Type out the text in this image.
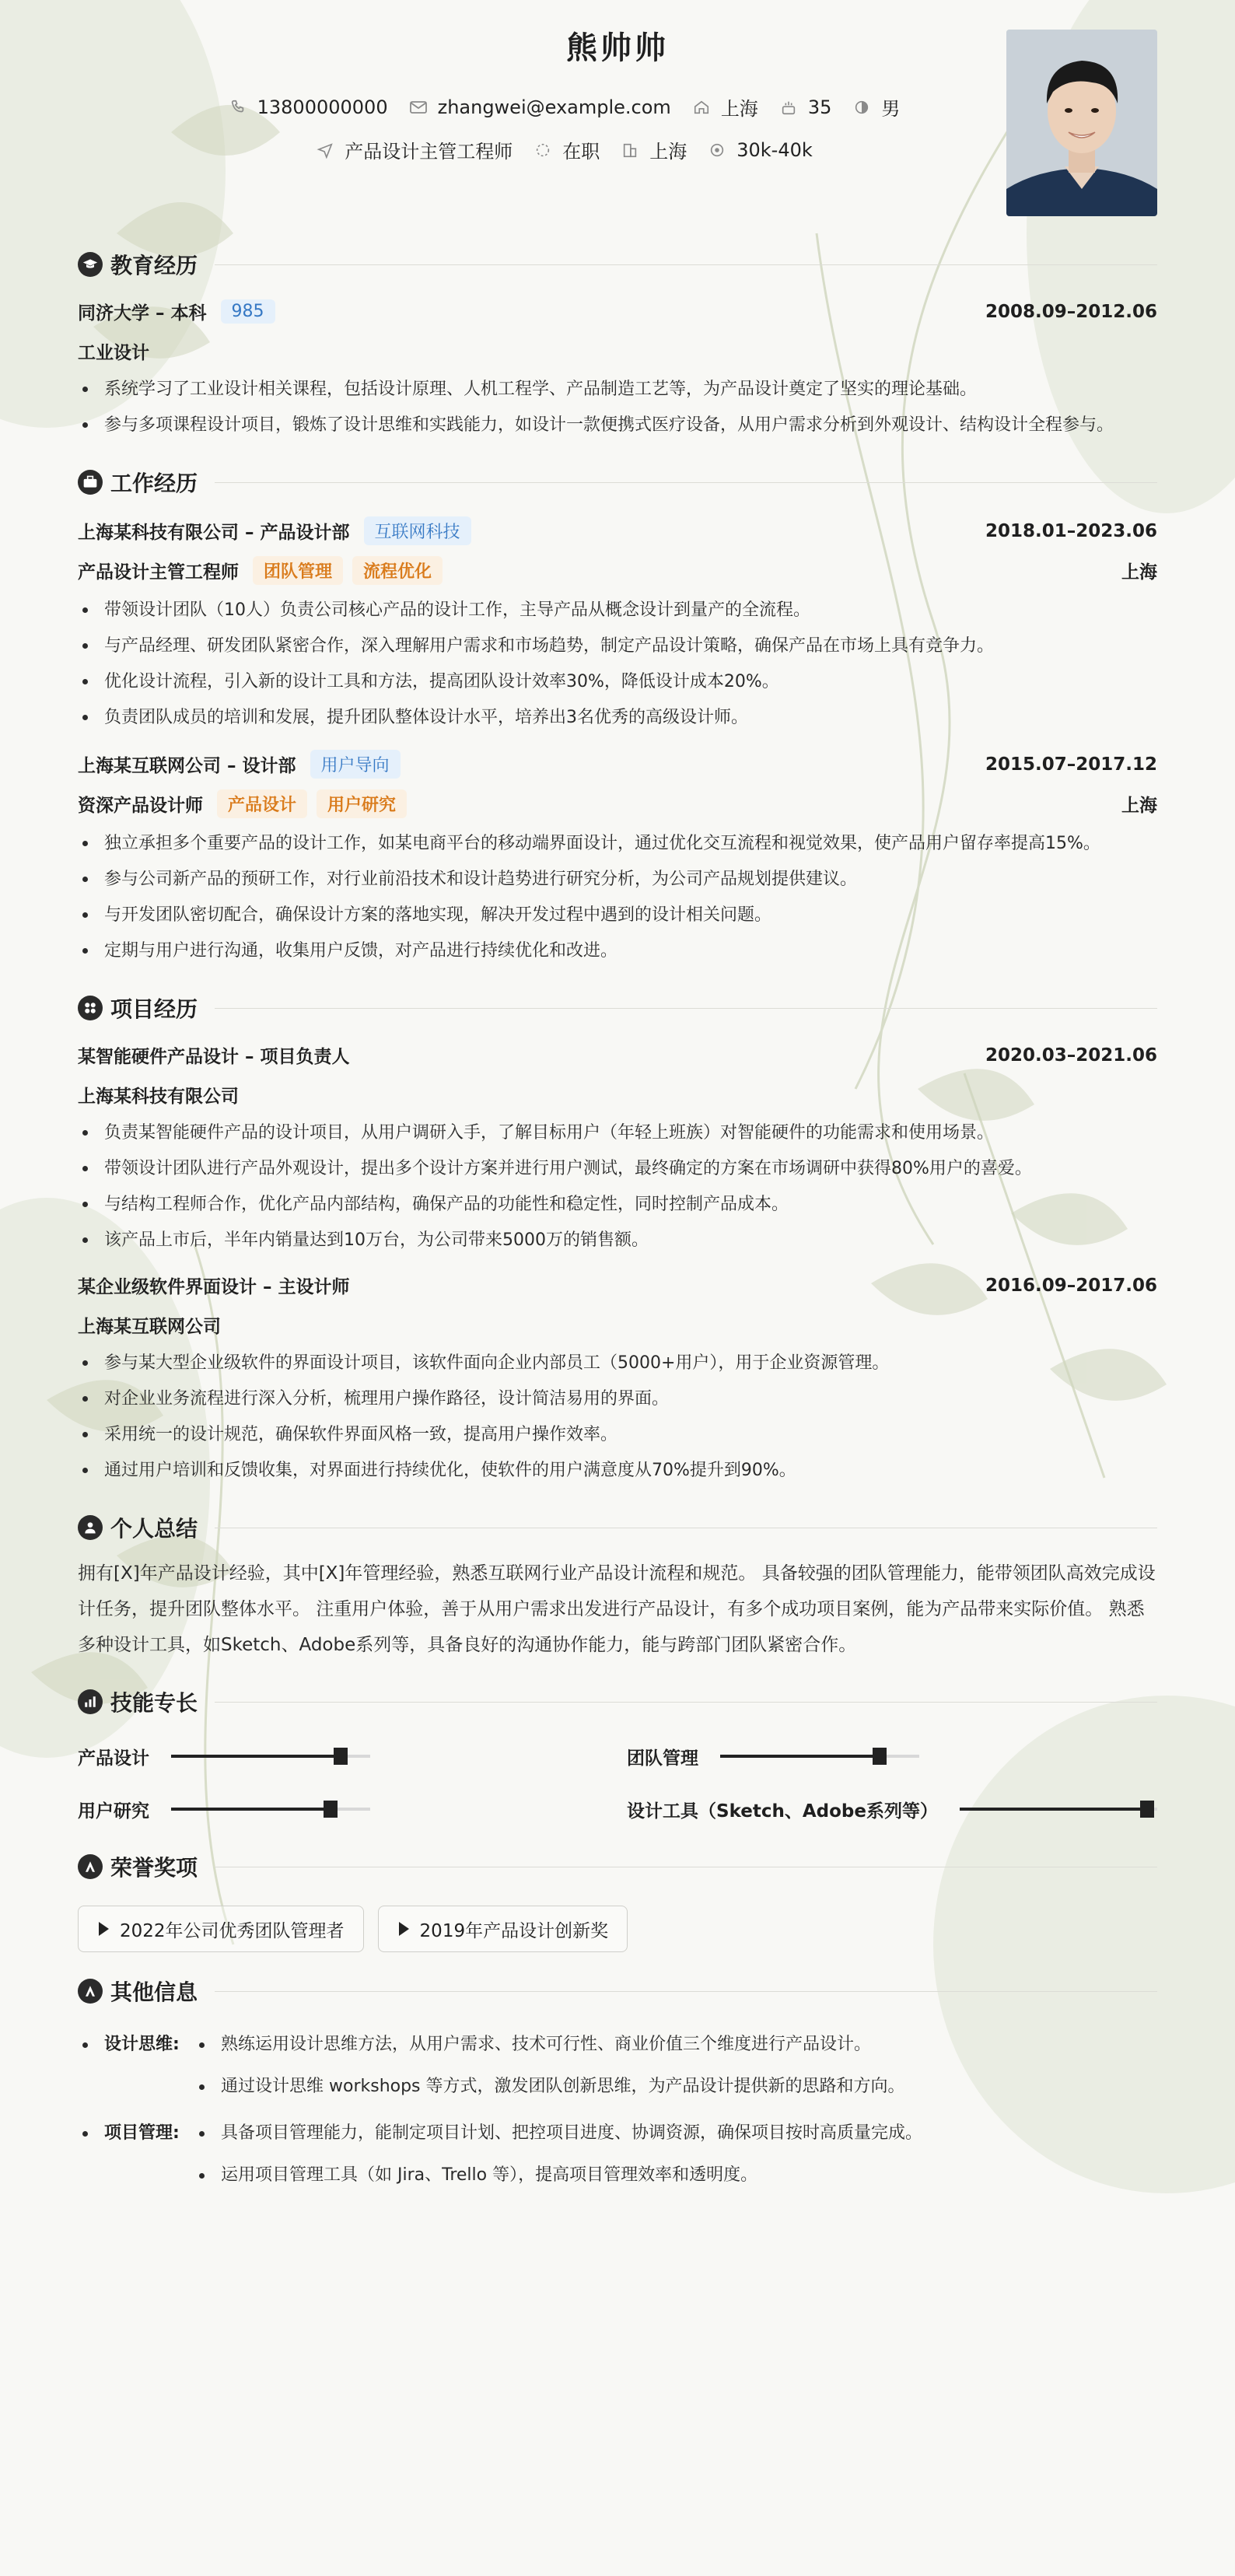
熊帅帅
13800000000	zhangwei@example.com	上海	35	男
产品设计主管工程师	在职	上海	30k-40k
教育经历
同济大学 – 本科	985	2008.09–2012.06
工业设计
系统学习了工业设计相关课程，包括设计原理、人机工程学、产品制造工艺等，为产品设计奠定了坚实的理论基础。
参与多项课程设计项目，锻炼了设计思维和实践能力，如设计一款便携式医疗设备，从用户需求分析到外观设计、结构设计全程参与。
工作经历
上海某科技有限公司 – 产品设计部	互联网科技	2018.01–2023.06
产品设计主管工程师	团队管理	流程优化	上海
带领设计团队（10人）负责公司核心产品的设计工作，主导产品从概念设计到量产的全流程。
与产品经理、研发团队紧密合作，深入理解用户需求和市场趋势，制定产品设计策略，确保产品在市场上具有竞争力。
优化设计流程，引入新的设计工具和方法，提高团队设计效率30%，降低设计成本20%。
负责团队成员的培训和发展，提升团队整体设计水平，培养出3名优秀的高级设计师。
上海某互联网公司 – 设计部	用户导向	2015.07–2017.12
资深产品设计师	产品设计	用户研究	上海
独立承担多个重要产品的设计工作，如某电商平台的移动端界面设计，通过优化交互流程和视觉效果，使产品用户留存率提高15%。
参与公司新产品的预研工作，对行业前沿技术和设计趋势进行研究分析，为公司产品规划提供建议。
与开发团队密切配合，确保设计方案的落地实现，解决开发过程中遇到的设计相关问题。
定期与用户进行沟通，收集用户反馈，对产品进行持续优化和改进。
项目经历
某智能硬件产品设计 – 项目负责人	2020.03–2021.06
上海某科技有限公司
负责某智能硬件产品的设计项目，从用户调研入手，了解目标用户（年轻上班族）对智能硬件的功能需求和使用场景。
带领设计团队进行产品外观设计，提出多个设计方案并进行用户测试，最终确定的方案在市场调研中获得80%用户的喜爱。
与结构工程师合作，优化产品内部结构，确保产品的功能性和稳定性，同时控制产品成本。
该产品上市后，半年内销量达到10万台，为公司带来5000万的销售额。
某企业级软件界面设计 – 主设计师	2016.09–2017.06
上海某互联网公司
参与某大型企业级软件的界面设计项目，该软件面向企业内部员工（5000+用户），用于企业资源管理。
对企业业务流程进行深入分析，梳理用户操作路径，设计简洁易用的界面。
采用统一的设计规范，确保软件界面风格一致，提高用户操作效率。
通过用户培训和反馈收集，对界面进行持续优化，使软件的用户满意度从70%提升到90%。
个人总结
拥有[X]年产品设计经验，其中[X]年管理经验，熟悉互联网行业产品设计流程和规范。 具备较强的团队管理能力，能带领团队高效完成设计任务，提升团队整体水平。 注重用户体验，善于从用户需求出发进行产品设计，有多个成功项目案例，能为产品带来实际价值。 熟悉多种设计工具，如Sketch、Adobe系列等，具备良好的沟通协作能力，能与跨部门团队紧密合作。
技能专长
产品设计	团队管理
用户研究	设计工具（Sketch、Adobe系列等）
荣誉奖项
2022年公司优秀团队管理者	2019年产品设计创新奖
其他信息
设计思维:	熟练运用设计思维方法，从用户需求、技术可行性、商业价值三个维度进行产品设计。
通过设计思维 workshops 等方式，激发团队创新思维，为产品设计提供新的思路和方向。
项目管理:	具备项目管理能力，能制定项目计划、把控项目进度、协调资源，确保项目按时高质量完成。
运用项目管理工具（如 Jira、Trello 等），提高项目管理效率和透明度。
